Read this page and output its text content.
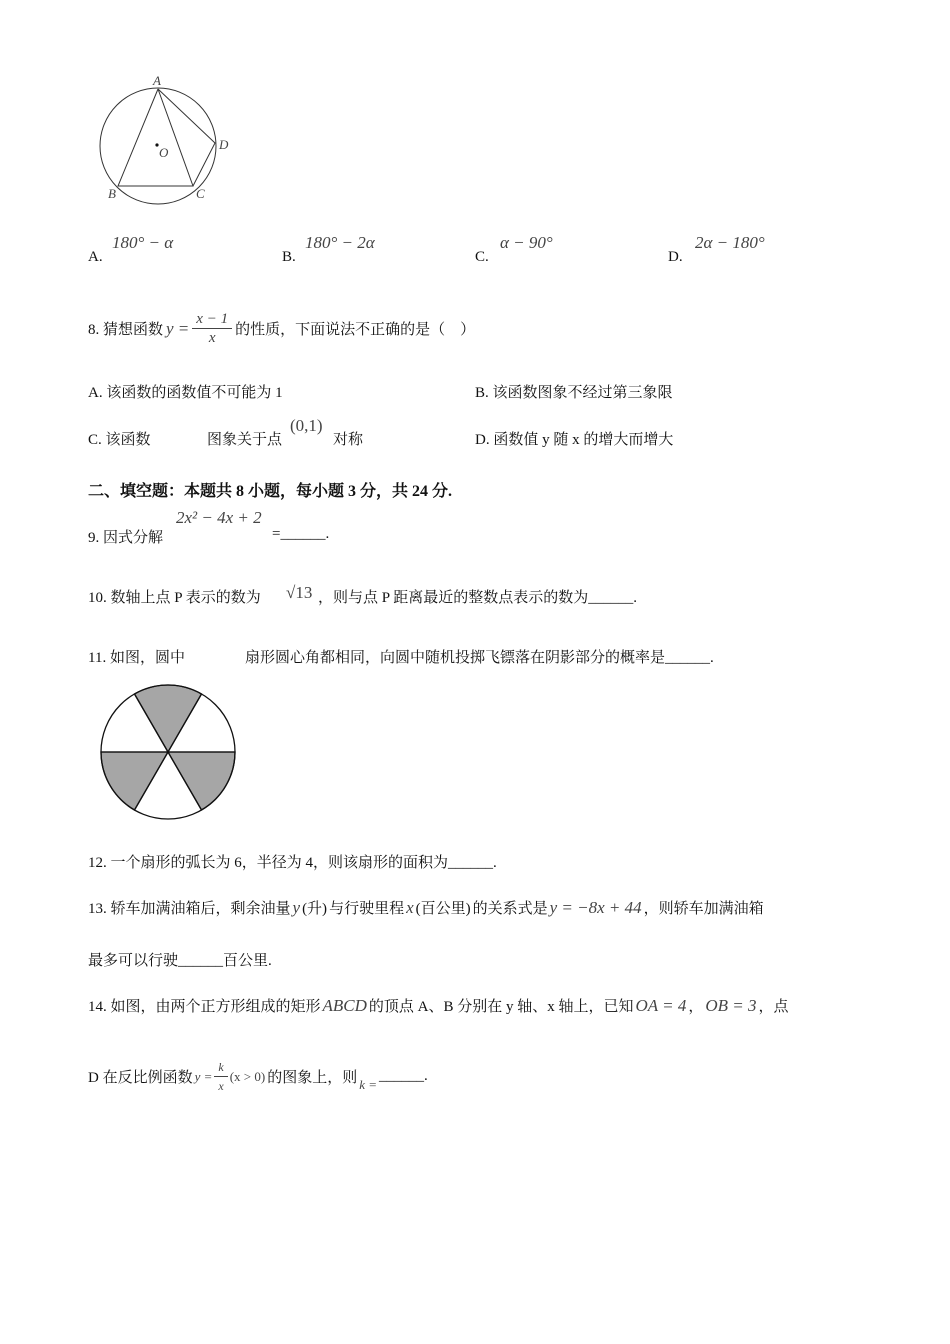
A
D
O
B	C
A.
180° − α
B.
180° − 2α
C.
α − 90°
D.
2α − 180°
8. 猜想函数 $y = \frac{x - 1}{x}$ 的性质，下面说法不正确的是（　）
A. 该函数的函数值不可能为 1	B. 该函数图象不经过第三象限
C. 该函数	图象关于点
(0,1)
对称	D. 函数值 y 随 x 的增大而增大
二、填空题：本题共 8 小题，每小题 3 分，共 24 分.
9. 因式分解
2x² − 4x + 2
=______.
10. 数轴上点 P 表示的数为 √13 ，则与点 P 距离最近的整数点表示的数为______.
11. 如图，圆中	扇形圆心角都相同，向圆中随机投掷飞镖落在阴影部分的概率是______.
12. 一个扇形的弧长为 6，半径为 4，则该扇形的面积为______.
13. 轿车加满油箱后，剩余油量 y (升) 与行驶里程 x (百公里) 的关系式是 y = −8x + 44 ，则轿车加满油箱
最多可以行驶______百公里.
14. 如图，由两个正方形组成的矩形 ABCD 的顶点 A、B 分别在 y 轴、x 轴上，已知 OA = 4 ， OB = 3 ，点
D 在反比例函数 $y = \frac{k}{x} (x > 0)$ 的图象上，则 k = ______.
